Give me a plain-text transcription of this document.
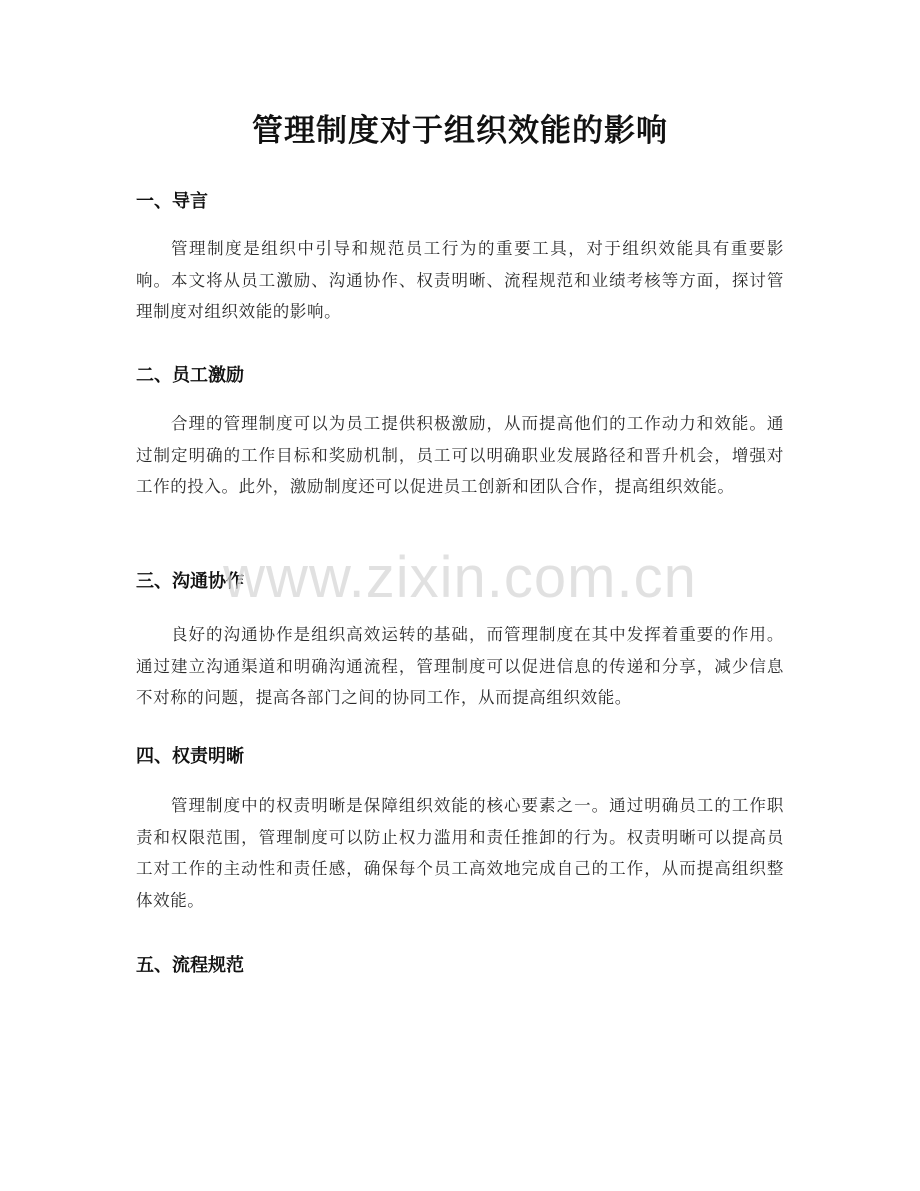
管理制度对于组织效能的影响
一、导言
管理制度是组织中引导和规范员工行为的重要工具，对于组织效能具有重要影响。本文将从员工激励、沟通协作、权责明晰、流程规范和业绩考核等方面，探讨管理制度对组织效能的影响。
二、员工激励
合理的管理制度可以为员工提供积极激励，从而提高他们的工作动力和效能。通过制定明确的工作目标和奖励机制，员工可以明确职业发展路径和晋升机会，增强对工作的投入。此外，激励制度还可以促进员工创新和团队合作，提高组织效能。
三、沟通协作
良好的沟通协作是组织高效运转的基础，而管理制度在其中发挥着重要的作用。通过建立沟通渠道和明确沟通流程，管理制度可以促进信息的传递和分享，减少信息不对称的问题，提高各部门之间的协同工作，从而提高组织效能。
四、权责明晰
管理制度中的权责明晰是保障组织效能的核心要素之一。通过明确员工的工作职责和权限范围，管理制度可以防止权力滥用和责任推卸的行为。权责明晰可以提高员工对工作的主动性和责任感，确保每个员工高效地完成自己的工作，从而提高组织整体效能。
五、流程规范
www.zixin.com.cn
